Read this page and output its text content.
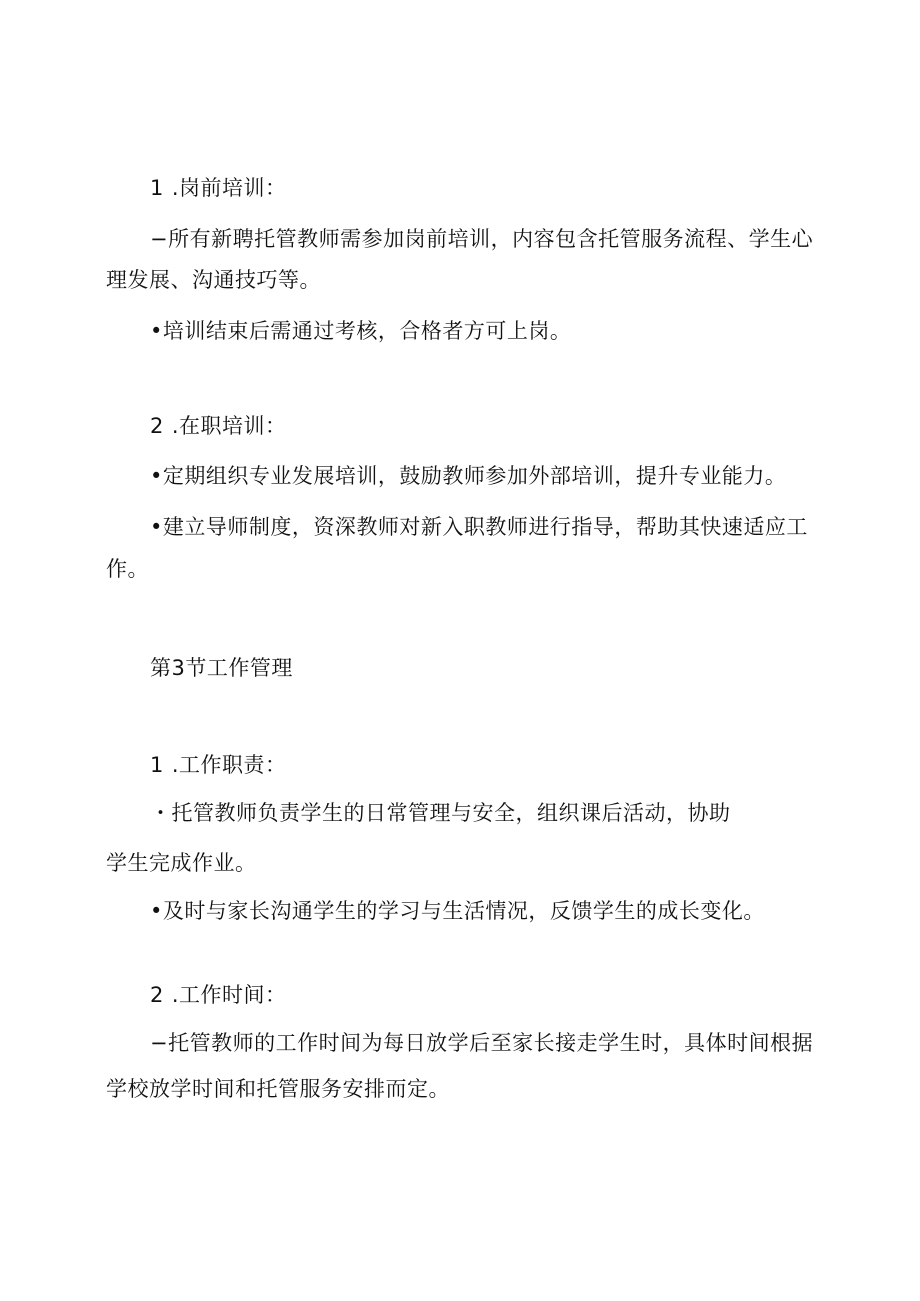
1 .岗前培训：
−所有新聘托管教师需参加岗前培训，内容包含托管服务流程、学生心
理发展、沟通技巧等。
•培训结束后需通过考核，合格者方可上岗。
2 .在职培训：
•定期组织专业发展培训，鼓励教师参加外部培训，提升专业能力。
•建立导师制度，资深教师对新入职教师进行指导，帮助其快速适应工
作。
第3节工作管理
1 .工作职责：
・托管教师负责学生的日常管理与安全，组织课后活动，协助
学生完成作业。
•及时与家长沟通学生的学习与生活情况，反馈学生的成长变化。
2 .工作时间：
−托管教师的工作时间为每日放学后至家长接走学生时，具体时间根据
学校放学时间和托管服务安排而定。
